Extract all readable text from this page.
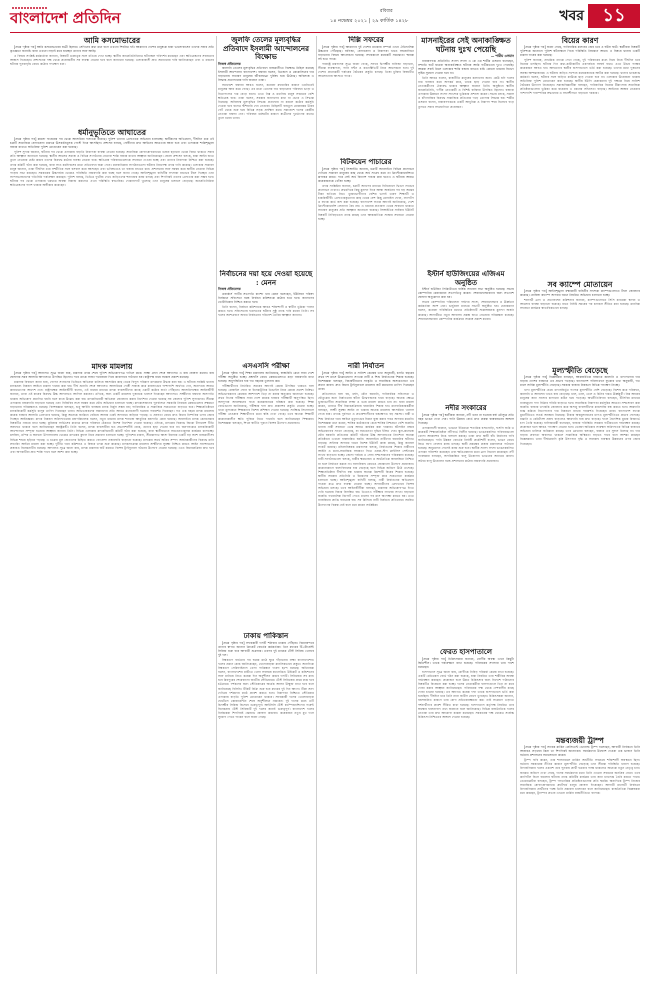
বাংলাদেশ প্রতিদিন	রবিবার
১৪ নভেম্বর ২০২১ | ২৯ কার্তিক ১৪২৮	খবর	১১
আমি কসমোভারের

[প্রথম পৃষ্ঠার পর] আমি কসমোভারের যাত্রী ছিলাম। সেদিনের কথা মনে হলে এখনো শিহরিত হই। আমাদের দেশের মানুষকে যারা ভালোবাসেন তাদের সবার প্রতি কৃতজ্ঞতা জানাই। যারা এখনো লড়াই করে যাচ্ছেন তাদের সঙ্গে আছি।

এ বিষয়ে সংশ্লিষ্ট কর্মকর্তারা জানান, বিষয়টি গুরুত্বের সঙ্গে খতিয়ে দেখা হচ্ছে। স্থানীয় জনপ্রতিনিধিরাও ঘটনাস্থল পরিদর্শন করেছেন এবং ক্ষতিগ্রস্তদের সহায়তার আশ্বাস দিয়েছেন। প্রশাসনের পক্ষ থেকে প্রয়োজনীয় সব ব্যবস্থা নেওয়া হবে বলে জানানো হয়েছে। এলাকাবাসী দ্রুত সমাধানের দাবি জানিয়েছেন এবং এ ধরনের ঘটনার পুনরাবৃত্তি রোধে কঠোর পদক্ষেপ চান।

ধর্মানুভূতিতে আঘাতের

[প্রথম পৃষ্ঠার পর] মামলা দায়েরের পর থেকে আসামিরা পলাতক রয়েছে। পুলিশ তাদের গ্রেফতারে অভিযান চালাচ্ছে। স্থানীয়দের অভিযোগ, দীর্ঘদিন ধরে এই চক্রটি সামাজিক যোগাযোগ মাধ্যমে উসকানিমূলক পোস্ট দিয়ে আসছিল। প্রশাসন বলছে, দোষীদের দ্রুত আইনের আওতায় আনা হবে এবং এলাকায় শান্তিশৃঙ্খলা বজায় রাখতে অতিরিক্ত পুলিশ মোতায়েন করা হয়েছে।

পুলিশ সুপার জানান, ঘটনার পর থেকে এলাকায় বাড়তি নিরাপত্তা ব্যবস্থা নেওয়া হয়েছে। সামাজিক যোগাযোগমাধ্যমে গুজব ছড়ানো থেকে বিরত থাকতে সবার প্রতি আহ্বান জানানো হয়েছে। স্থানীয় আলেম সমাজ ও বিভিন্ন সংগঠনের নেতারা শান্তি বজায় রাখার আহ্বান জানিয়েছেন। জেলা প্রশাসন বলছে, যারা আইন হাতে তুলে নেওয়ার চেষ্টা করবে তাদের বিরুদ্ধে কঠোর ব্যবস্থা নেওয়া হবে। ক্ষতিগ্রস্ত পরিবারগুলোকে সহায়তা দেওয়া হচ্ছে এবং তাদের নিরাপত্তা নিশ্চিত করা হয়েছে। তদন্ত কমিটি গঠন করা হয়েছে, যারা সাত কর্মদিবসের মধ্যে প্রতিবেদন জমা দেবে। মানবাধিকার সংগঠনগুলো ঘটনার নিরপেক্ষ তদন্ত দাবি করেছে। এলাকার সাধারণ মানুষ জানান, তারা দীর্ঘদিন ধরে সম্প্রীতির সঙ্গে বসবাস করে আসছেন এবং ভবিষ্যতেও তা বজায় রাখতে চান। প্রশাসনের সঙ্গে সমন্বয় করে স্থানীয় নেতারা বিভিন্ন পাড়ায় সভা করছেন। সরকারের উচ্চপর্যায় থেকেও পরিস্থিতি নজরদারি করা হচ্ছে বলে জানা গেছে। আইনশৃঙ্খলা বাহিনীর সদস্যরা রাতভর টহল দিচ্ছেন এবং সন্দেহভাজনদের গতিবিধি পর্যবেক্ষণ করছেন। পুলিশ বলছে, ভিডিও ফুটেজ দেখে জড়িতদের শনাক্তের কাজ চলছে এবং শিগগিরই তাদের গ্রেফতার করা সম্ভব হবে। ঘটনার পর থেকে এলাকায় থমথমে অবস্থা বিরাজ করলেও এখন পরিস্থিতি স্বাভাবিক। দোকানপাট খুলেছে এবং মানুষের চলাচল বেড়েছে। জনপ্রতিনিধিরা ক্ষতিগ্রস্তদের পাশে থাকার অঙ্গীকার করেছেন।

মাদক মামলায়

[প্রথম পৃষ্ঠার পর] আদালত সূত্রে জানা যায়, মামলার তদন্ত শেষে পুলিশ অভিযোগপত্র দাখিল করে। সাক্ষ্য গ্রহণ শেষে আদালত এ রায় ঘোষণা করেন। রায় ঘোষণার সময় আসামি আদালতে উপস্থিত ছিলেন। পরে তাকে সাজা পরোয়ানা দিয়ে কারাগারে পাঠানো হয়। রাষ্ট্রপক্ষ রায়ে সন্তোষ প্রকাশ করেছে।

মামলার বিবরণে জানা যায়, গোপন সংবাদের ভিত্তিতে অভিযান চালিয়ে আসামির কাছ থেকে বিপুল পরিমাণ মাদকদ্রব্য উদ্ধার করা হয়। এ ঘটনায় সংশ্লিষ্ট থানায় মাদকদ্রব্য নিয়ন্ত্রণ আইনে মামলা দায়ের করা হয়। দীর্ঘ শুনানি শেষে আদালত আসামিকে দোষী সাব্যস্ত করে কারাদণ্ডের পাশাপাশি অর্থদণ্ড দেন, অনাদায়ে আরও কারাভোগের আদেশ দেন। রাষ্ট্রপক্ষের আইনজীবী বলেন, এই রায়ের মাধ্যমে মাদক ব্যবসায়ীদের কাছে একটি কঠোর বার্তা পৌঁছাবে। আসামিপক্ষের আইনজীবী জানান, তারা এই রায়ের বিরুদ্ধে উচ্চ আদালতে আপিল করবেন। এদিকে, অন্য একটি মামলায় দুজনকে খালাস দিয়েছেন আদালত। সাক্ষীদের বক্তব্যে অসংগতি থাকায় অভিযোগ প্রমাণিত হয়নি বলে রায়ে উল্লেখ করা হয়। মাদকবিরোধী অভিযান জোরদার করার নির্দেশনা দেওয়া হয়েছে সব জেলার পুলিশ সুপারদের। সীমান্ত এলাকায় নজরদারি বাড়ানো হয়েছে এবং বিজিবির সঙ্গে সমন্বয় করে যৌথ অভিযান চালানো হচ্ছে। মাদকাসক্তদের পুনর্বাসনে সরকারি নিরাময় কেন্দ্রগুলোর সক্ষমতা বাড়ানোর পরিকল্পনাও রয়েছে। বিশেষজ্ঞরা বলছেন, শুধু আইনি ব্যবস্থায় মাদক নির্মূল সম্ভব নয়; পারিবারিক ও সামাজিক সচেতনতা বাড়াতে হবে। শিক্ষাপ্রতিষ্ঠানে মাদকবিরোধী কর্মসূচি চালুর তাগিদ দিয়েছেন তারা। অভিভাবকদের সন্তানদের প্রতি আরও মনোযোগী হওয়ার পরামর্শও দিয়েছেন। গত এক বছরে মাদক মামলায় কয়েক হাজার আসামি গ্রেফতার হয়েছে, কিন্তু অনেকে জামিনে বেরিয়ে আবার একই অপরাধে জড়িয়ে পড়ছে। এ প্রবণতা রোধে দ্রুত বিচার নিষ্পত্তির ওপর জোর দিচ্ছেন আইনজ্ঞরা। মাদক নিয়ন্ত্রণ অধিদফতরের মহাপরিচালক বলেন, নতুন ধরনের মাদক শনাক্তে আধুনিক যন্ত্রপাতি কেনা হয়েছে। অনলাইনে মাদক কেনাবেচার বিষয়টিও নজরে রাখা হচ্ছে। কুরিয়ার সার্ভিসের মাধ্যমে মাদক পরিবহন ঠেকাতে বিশেষ নির্দেশনা দেওয়া হয়েছে। এদিকে, মাদকের বিরুদ্ধে জিরো টলারেন্স নীতি অব্যাহত থাকবে বলে জানিয়েছেন স্বরাষ্ট্রমন্ত্রী। তিনি বলেন, মাদক ব্যবসায়ীরা যত প্রভাবশালীই হোক, তাদের ছাড় দেওয়া হবে না। জনগণকেও মাদকবিরোধী আন্দোলনে সম্পৃক্ত হওয়ার আহ্বান জানান তিনি। বিভিন্ন এলাকায় মাদকবিরোধী কমিটি গঠন করা হয়েছে, যারা স্থানীয়ভাবে সচেতনতামূলক কার্যক্রম চালাচ্ছে। মসজিদ, মন্দির ও অন্যান্য উপাসনালয় থেকেও মাদকের কুফল নিয়ে প্রচারণা চালানো হচ্ছে। পুলিশের ধারণা, সীমান্তপথে আসা ইয়াবার একটি বড় অংশ রাজধানীসহ বিভিন্ন শহরে ছড়িয়ে পড়ছে। এ চক্রের মূল হোতাদের চিহ্নিত করতে গোয়েন্দা নজরদারি বাড়ানো হয়েছে। মাদকের অর্থে অবৈধ সম্পদ অর্জনকারীদের বিরুদ্ধে মানি লন্ডারিং আইনে মামলা করা হচ্ছে। দুর্নীতি দমন কমিশনও এ বিষয়ে তদন্ত শুরু করেছে। মাদকসংক্রান্ত মামলার সাক্ষীদের সুরক্ষা নিশ্চিত করতে আইন সংশোধনের প্রস্তাবও বিবেচনাধীন রয়েছে। আদালত সূত্রে জানা যায়, মাদক মামলার জট কমাতে বিশেষ ট্রাইব্যুনাল গঠনের উদ্যোগ নেওয়া হয়েছে। এতে বিচারপ্রক্রিয়া দ্রুত হবে এবং অপরাধীরা দ্রুত শাস্তি পাবে বলে আশা করা হচ্ছে।

জুলফি তেলের মূল্যবৃদ্ধির প্রতিবাদে ইসলামী আন্দোলনের বিক্ষোভ
নিজস্ব প্রতিবেদক

জ্বালানি তেলের মূল্যবৃদ্ধির প্রতিবাদে রাজধানীতে বিক্ষোভ মিছিল করেছে ইসলামী আন্দোলন বাংলাদেশ। বক্তারা বলেন, ডিজেল ও কেরোসিনের দাম বাড়ানোয় সাধারণ মানুষের জীবনযাত্রা দুর্বিষহ হয়ে উঠেছে। অবিলম্বে এ সিদ্ধান্ত প্রত্যাহারের দাবি জানান তারা।

সমাবেশে বক্তারা আরও বলেন, করোনা মহামারির কারণে এমনিতেই মানুষের আয় কমে গেছে। এর মধ্যে তেলের দাম বাড়ানোয় পরিবহন ভাড়া ও নিত্যপণ্যের দাম বেড়ে যাবে। এতে নিম্ন ও মধ্যবিত্ত মানুষ সবচেয়ে বেশি ক্ষতিগ্রস্ত হবে। তারা বলেন, সরকার জনগণের কথা না ভেবে এ সিদ্ধান্ত নিয়েছে। অবিলম্বে মূল্যবৃদ্ধির সিদ্ধান্ত প্রত্যাহার না করলে কঠোর কর্মসূচি দেওয়া হবে বলেও হুঁশিয়ারি দেন নেতারা। মিছিলটি বায়তুল মোকাররম উত্তর গেট থেকে শুরু হয়ে বিভিন্ন সড়ক প্রদক্ষিণ করে। সমাবেশে দলের কেন্দ্রীয় নেতারা বক্তব্য দেন। পরিবহন ধর্মঘটের কারণে যাত্রীদের দুর্ভোগের কথাও তুলে ধরেন তারা।

নির্বাচনের দয়া হয়ে দেওয়া হয়েছে : মেনন
নিজস্ব প্রতিবেদক

ওয়ার্কার্স পার্টির সভাপতি রাশেদ খান মেনন বলেছেন, ইউনিয়ন পরিষদ নির্বাচনে সহিংসতা বন্ধে নির্বাচন কমিশনকে কঠোর হতে হবে। জনগণের ভোটাধিকার নিশ্চিত করতে হবে।

তিনি বলেন, নির্বাচন কমিশনকে আরও শক্তিশালী ও স্বাধীন ভূমিকা পালন করতে হবে। সহিংসতায় হতাহতের ঘটনার সুষ্ঠু তদন্ত দাবি করেন তিনি। সব দলের অংশগ্রহণে অবাধ নির্বাচনের পরিবেশ তৈরির আহ্বান জানান।

এসএসসি পরীক্ষা

[প্রথম পৃষ্ঠার পর] শিক্ষা মন্ত্রণালয় জানিয়েছে, স্বাস্থ্যবিধি মেনে সারা দেশে পরীক্ষা অনুষ্ঠিত হচ্ছে। প্রশ্নফাঁস রোধে কেন্দ্রগুলোতে কড়া নজরদারি রাখা হয়েছে। অনুপস্থিতির হার গত বছরের তুলনায় কম।

পরীক্ষার্থীদের নির্ধারিত সময়ের আগেই কেন্দ্রে উপস্থিত থাকতে বলা হয়েছে। মোবাইল ফোন বা ইলেকট্রনিক ডিভাইস নিয়ে কেন্দ্রে প্রবেশ নিষিদ্ধ। অভিভাবকদের কেন্দ্রের আশপাশে ভিড় না করার অনুরোধ জানানো হয়েছে। প্রথম দিনের পরীক্ষায় সারা দেশে কয়েক হাজার পরীক্ষার্থী অনুপস্থিত ছিল। অসদুপায় অবলম্বনের দায়ে কয়েকজনকে বহিষ্কার করা হয়েছে। শিক্ষা বোর্ডগুলো জানিয়েছে, পরীক্ষার ফল দ্রুত প্রকাশের প্রস্তুতি নেওয়া হচ্ছে। খাতা মূল্যায়নে শিক্ষকদের বিশেষ প্রশিক্ষণ দেওয়া হয়েছে। সংক্ষিপ্ত সিলেবাসে পরীক্ষা নেওয়ায় শিক্ষার্থীদের মধ্যে স্বস্তি দেখা গেছে। তবে অনেক শিক্ষার্থী করোনাকালীন ক্ষতি পুষিয়ে নিতে পারেনি বলে জানিয়েছেন শিক্ষকরা। বিশেষজ্ঞরা বলছেন, শিখন ঘাটতি পূরণে বিশেষ উদ্যোগ প্রয়োজন।

ঢাকায় পাকিস্তান

[প্রথম পৃষ্ঠার পর] সফরকারী দলটি শনিবার ঢাকায় পৌঁছায়। বিমানবন্দরে তাদের স্বাগত জানান ক্রিকেট বোর্ডের কর্মকর্তারা। তিন ম্যাচের টি-টোয়েন্টি সিরিজ শুরু হবে আগামী শুক্রবার। এরপর দুই ম্যাচের টেস্ট সিরিজ খেলবে দুই দল।

বিশ্বকাপে ব্যর্থতার পর ঘরের মাঠে ঘুরে দাঁড়ানোর লক্ষ্য বাংলাদেশের। দলের প্রধান কোচ জানিয়েছেন, খেলোয়াড়রা মানসিকভাবে প্রস্তুত। অন্যদিকে বিশ্বকাপে সেমিফাইনাল খেলা পাকিস্তান দারুণ ছন্দে রয়েছে। অধিনায়ক বলেন, বাংলাদেশের মাটিতে খেলা সবসময় চ্যালেঞ্জিং। উইকেট ও কন্ডিশনের সঙ্গে মানিয়ে নিতে কয়েক দিন অনুশীলন করবে দলটি। সিরিজের সব ম্যাচ হবে মিরপুরের শেরেবাংলা জাতীয় স্টেডিয়ামে। টেস্ট সিরিজের প্রথম ম্যাচ হবে চট্টগ্রামে। দর্শকদের জন্য স্টেডিয়ামের অর্ধেক আসন উন্মুক্ত রাখা হবে বলে জানিয়েছে বিসিবি। টিকিট বিক্রি শুরু হবে ম্যাচের দুই দিন আগে। টিকা সনদ দেখিয়ে দর্শকদের মাঠে প্রবেশ করতে হবে। নিরাপত্তা নিশ্চিতে স্টেডিয়াম এলাকায় বাড়তি পুলিশ মোতায়েন থাকবে। সফরকারী দলের খেলোয়াড়রা হোটেলে কোয়ারেন্টিন শেষে অনুশীলনে নামবেন। দুই দলের মধ্যে এটি দ্বিপক্ষীয় সিরিজ হিসেবে গুরুত্বপূর্ণ। আইসিসি টেস্ট চ্যাম্পিয়নশিপের পয়েন্ট বিবেচনায় টেস্ট সিরিজটি দুই দলের জন্যই গুরুত্বপূর্ণ। বাংলাদেশ দলের নির্বাচকরা শিগগিরই স্কোয়াড ঘোষণা করবেন। কয়েকজন নতুন মুখ দলে সুযোগ পেতে পারেন বলে জানা গেছে।

দিল্লি সফরের

[প্রথম পৃষ্ঠার পর] আমাদের দুই দেশের মধ্যকার সম্পর্ক এখন ঐতিহাসিক উচ্চতায় পৌঁছেছে। বাণিজ্য, যোগাযোগ ও নিরাপত্তা খাতে সহযোগিতা বাড়ানোর বিষয়ে আলোচনা হয়েছে। সফরকালে কয়েকটি সমঝোতা স্মারক সই হতে পারে।

পররাষ্ট্র মন্ত্রণালয় সূত্রে জানা গেছে, সফরে দ্বিপক্ষীয় বাণিজ্য বাড়ানো, সীমান্ত ব্যবস্থাপনা, পানি বণ্টন ও কানেক্টিভিটি নিয়ে আলোচনা হবে। দুই দেশের প্রধানমন্ত্রী পর্যায়ের বৈঠকের প্রস্তুতি চলছে। তিস্তা চুক্তির বিষয়টিও আলোচনায় আসতে পারে।

বিটকয়েন পাচারের

[প্রথম পৃষ্ঠার পর] সিআইডি জানায়, চক্রটি অনলাইনে বিভিন্ন প্রলোভন দেখিয়ে সাধারণ মানুষের কাছ থেকে অর্থ সংগ্রহ করে তা ক্রিপ্টোকারেন্সিতে রূপান্তর করত। পরে সেই অর্থ বিদেশে পাচার করা হতো। এ ঘটনায় আরও কয়েকজনকে খোঁজা হচ্ছে।

তদন্ত সংশ্লিষ্টরা জানান, চক্রটি অ্যাপের মাধ্যমে বিনিয়োগে দ্বিগুণ লাভের প্রলোভন দেখাত। প্রথমদিকে কিছু মুনাফা দিয়ে আস্থা অর্জনের পর বড় অঙ্কের টাকা হাতিয়ে নিত। ভুক্তভোগীদের বেশির ভাগই তরুণ শিক্ষার্থী ও চাকরিজীবী। গ্রেফতারকৃতদের কাছ থেকে বেশ কিছু মোবাইল ফোন, ল্যাপটপ ও ব্যাংক কার্ড জব্দ করা হয়েছে। বাংলাদেশ ব্যাংক আগেই জানিয়েছে, দেশে ক্রিপ্টোকারেন্সি লেনদেন বৈধ নয়। এ ধরনের প্রতারণা থেকে সাবধান থাকতে সাধারণ মানুষের প্রতি আহ্বান জানানো হয়েছে। সিআইডির সাইবার ইউনিট বিষয়টি নিবিড়ভাবে তদন্ত করছে এবং আন্তর্জাতিক সংস্থার সহায়তা নেওয়া হচ্ছে।

নারী নির্যাতন

[প্রথম পৃষ্ঠার পর] আইন ও সালিশ কেন্দ্রের তথ্য অনুযায়ী, চলতি বছরের প্রথম দশ মাসে উল্লেখযোগ্য সংখ্যক নারী ও শিশু নির্যাতনের শিকার হয়েছে। বিশেষজ্ঞরা বলছেন, বিচারহীনতার সংস্কৃতি ও সামাজিক অসচেতনতা এর প্রধান কারণ। দ্রুত বিচার ট্রাইব্যুনালে মামলার জট কমানোর তাগিদ দিয়েছেন তারা।

প্রতিবেদনে বলা হয়, ধর্ষণ, যৌন হয়রানি, পারিবারিক সহিংসতা ও যৌতুকের জন্য নির্যাতনের ঘটনা উদ্বেগজনক হারে বাড়ছে। অনেক ক্ষেত্রে ভুক্তভোগীরা সামাজিক লজ্জা ও ভয়ে মামলা করতে চান না। যারা মামলা করেন, তারাও দীর্ঘ বিচারপ্রক্রিয়ায় হয়রানির শিকার হন। মানবাধিকারকর্মীরা বলছেন, সাক্ষী সুরক্ষা আইন না থাকায় অনেক মামলায় আসামিরা খালাস পেয়ে যায়। তদন্তে দুর্বলতা ও প্রভাবশালীদের হস্তক্ষেপও বড় সমস্যা। নারী ও শিশু নির্যাতন দমন আইনে মৃত্যুদণ্ডের বিধান যুক্ত করার পরও অপরাধ কমেনি। বিশেষজ্ঞরা মনে করেন, শাস্তির কঠোরতার চেয়ে শাস্তির নিশ্চয়তা বেশি জরুরি। থানায় নারী সহায়তা ডেস্ক আরও কার্যকর করা দরকার। হটলাইন নম্বরে অভিযোগের সংখ্যা বেড়েছে, যা সচেতনতা বৃদ্ধির ইঙ্গিত দেয়। স্কুল-কলেজে যৌন হয়রানি প্রতিরোধ কমিটি গঠনের উচ্চ আদালতের নির্দেশনা অনেক প্রতিষ্ঠানে এখনো বাস্তবায়িত হয়নি। অনলাইনে নারীদের হয়রানির ঘটনাও বাড়ছে। সাইবার অপরাধ দমনে বিশেষ ইউনিট কাজ করছে, কিন্তু জনবল সংকট রয়েছে। মহিলাবিষয়ক মন্ত্রণালয় বলছে, নির্যাতনের শিকার নারীদের আইনি ও মনো-সামাজিক সহায়তা দিতে ওয়ান-স্টপ ক্রাইসিস সেন্টারের সংখ্যা বাড়ানো হচ্ছে। জেলা পর্যায়ে এ সেবা সম্প্রসারণের পরিকল্পনা রয়েছে। নারী সংগঠনগুলো বলছে, নারীর ক্ষমতায়ন ও অর্থনৈতিক স্বাবলম্বিতা নিশ্চিত না হলে নির্যাতন কমবে না। বাল্যবিবাহ রোধেও জোরালো উদ্যোগ প্রয়োজন। করোনাকালে বাল্যবিবাহের হার বেড়েছে বলে বিভিন্ন জরিপে উঠে এসেছে। শিক্ষাপ্রতিষ্ঠান দীর্ঘদিন বন্ধ থাকায় অনেক কিশোরী বিয়ের শিকার হয়েছে। স্থানীয় সরকার প্রতিনিধি ও ইমামদের সম্পৃক্ত করে সচেতনতা কার্যক্রম চালানো হচ্ছে। আইনশৃঙ্খলা বাহিনী বলছে, নারী নির্যাতনের অভিযোগ পাওয়া মাত্র দ্রুত ব্যবস্থা নেওয়া হচ্ছে। অপরাধীদের গ্রেফতারে বিশেষ অভিযান চলছে। তবে আইনজীবীরা বলছেন, মামলার অভিযোগপত্র দিতে দেরি হওয়ায় বিচার বিলম্বিত হয়। ডিএনএ পরীক্ষার ল্যাবের সংখ্যা বাড়ানো জরুরি। ফরেনসিক রিপোর্ট পেতে মাসের পর মাস অপেক্ষা করতে হয়। এতে ন্যায়বিচার প্রাপ্তি বাধাগ্রস্ত হয়। সব মিলিয়ে নারী নির্যাতন প্রতিরোধে সমন্বিত উদ্যোগের বিকল্প নেই বলে মনে করেন সংশ্লিষ্টরা।

মাসনাইরের সেই অনাকাঙ্ক্ষিত ঘটনায় দুঃখ পেয়েছি
— শামীম ওসমান

নারায়ণগঞ্জ প্রতিনিধি: সংসদ সদস্য এ কে এম শামীম ওসমান বলেছেন, সম্প্রতি ঘটে যাওয়া অনাকাঙ্ক্ষিত ঘটনায় আমি গভীরভাবে দুঃখ পেয়েছি। আমরা সবাই মিলে এলাকার শান্তি বজায় রাখতে চাই। কোনো ধরনের বিভেদ সৃষ্টির সুযোগ দেওয়া হবে না।

তিনি আরও বলেন, রাজনীতি মানুষের কল্যাণের জন্য। কেউ যদি দলের নাম ব্যবহার করে অপকর্ম করে, তাকে ছাড় দেওয়া হবে না। স্থানীয় নেতাকর্মীদের ঐক্যবদ্ধ থাকার আহ্বান জানান তিনি। অনুষ্ঠানে স্থানীয় জনপ্রতিনিধি, দলীয় নেতাকর্মী ও বিশিষ্ট ব্যক্তিরা উপস্থিত ছিলেন। বক্তারা এলাকার উন্নয়নে সংসদ সদস্যের ভূমিকার প্রশংসা করেন। সভায় মাদক, সন্ত্রাস ও চাঁদাবাজির বিরুদ্ধে সামাজিক প্রতিরোধ গড়ে তোলার সিদ্ধান্ত হয়। শামীম ওসমান বলেন, নারায়ণগঞ্জকে একটি আধুনিক ও নিরাপদ শহর হিসেবে গড়ে তুলতে সবার সহযোগিতা প্রয়োজন।

ইস্টার্ন হাউজিংয়ের এজিএম অনুষ্ঠিত

ইস্টার্ন হাউজিং লিমিটেডের বার্ষিক সাধারণ সভা অনুষ্ঠিত হয়েছে। সভায় কোম্পানির চেয়ারম্যান সভাপতিত্ব করেন। শেয়ারহোল্ডারদের জন্য লভ্যাংশ ঘোষণা অনুমোদন করা হয়।

সভায় কোম্পানির পরিচালনা পর্ষদের সদস্য, শেয়ারহোল্ডার ও ঊর্ধ্বতন কর্মকর্তারা অংশ নেন। ভার্চুয়াল মাধ্যমে সভাটি অনুষ্ঠিত হয়। চেয়ারম্যান বলেন, করোনা পরিস্থিতির মধ্যেও প্রতিষ্ঠানটি সন্তোষজনক মুনাফা অর্জন করেছে। আগামীতে নতুন আবাসন প্রকল্প হাতে নেওয়ার পরিকল্পনা রয়েছে। শেয়ারহোল্ডাররা কোম্পানির কার্যক্রমে সন্তোষ প্রকাশ করেন।

নদীর সংকারের

[প্রথম পৃষ্ঠার পর] স্থানীয়রা জানান, নদী খনন না হওয়ায় বর্ষা মৌসুমে প্রতি বছর ভাঙন দেখা দেয়। পানি উন্নয়ন বোর্ড দ্রুত প্রকল্প বাস্তবায়নের আশ্বাস দিয়েছে।

এলাকাবাসী জানান, ভাঙনে ইতিমধ্যে শতাধিক বসতবাড়ি, ফসলি জমি ও কয়েকটি শিক্ষাপ্রতিষ্ঠান নদীগর্ভে বিলীন হয়েছে। ভাঙনকবলিত পরিবারগুলো খোলা আকাশের নিচে বসবাস করছে। তারা দ্রুত স্থায়ী বাঁধ নির্মাণের দাবি জানিয়েছেন। পানি উন্নয়ন বোর্ডের নির্বাহী প্রকৌশলী বলেন, ভাঙন রোধে জিও ব্যাগ ফেলার কাজ চলছে। স্থায়ী প্রকল্পের প্রস্তাব মন্ত্রণালয়ে পাঠানো হয়েছে। অনুমোদন পেলেই কাজ শুরু হবে। স্থানীয় সংসদ সদস্য ভাঙনকবলিত এলাকা পরিদর্শন করেছেন এবং ক্ষতিগ্রস্তদের মধ্যে ত্রাণ বিতরণ করেছেন। নদী গবেষকরা বলছেন, অপরিকল্পিত বালু উত্তোলন ভাঙনের অন্যতম কারণ। অবৈধ বালু উত্তোলন বন্ধে প্রশাসনের কঠোর নজরদারি প্রয়োজন।

ফেরত হাসপাতালে

[প্রথম পৃষ্ঠার পর] চিকিৎসকরা জানান, রোগীর অবস্থা এখন কিছুটা স্থিতিশীল। তাকে পর্যবেক্ষণে রাখা হয়েছে। পরিবারের সদস্যরা তার পাশে রয়েছেন।

হাসপাতাল সূত্রে জানা যায়, রোগীকে নিবিড় পরিচর্যা কেন্দ্রে রাখা হয়েছে। একটি মেডিকেল বোর্ড গঠন করা হয়েছে, যারা নিয়মিত তার শারীরিক অবস্থা পর্যবেক্ষণ করছেন। প্রয়োজন হলে উন্নত চিকিৎসার জন্য বিদেশে পাঠানোর বিষয়টিও বিবেচনা করা হচ্ছে। দলের নেতাকর্মীরা হাসপাতালে ভিড় না করে দোয়া করার আহ্বান জানিয়েছেন। পরিবারের পক্ষ থেকে দেশবাসীর কাছে দোয়া চাওয়া হয়েছে। এর আগেও কয়েক দফা তাকে হাসপাতালে ভর্তি করা হয়েছিল। দীর্ঘদিন ধরে তিনি নানা জটিল রোগে ভুগছেন। চিকিৎসকরা জানান, বয়সজনিত কারণে তার রোগ প্রতিরোধক্ষমতা কম। তাই সংক্রমণ এড়াতে দর্শনার্থীদের প্রবেশ সীমিত রাখা হয়েছে। হাসপাতাল কর্তৃপক্ষ নিয়মিত তার স্বাস্থ্যের হালনাগাদ তথ্য জানাবে বলে জানিয়েছে। বিভিন্ন রাজনৈতিক দলের নেতারা তার দ্রুত আরোগ্য কামনা করেছেন। সরকারের পক্ষ থেকেও সর্বোচ্চ চিকিৎসা নিশ্চিতের আশ্বাস দেওয়া হয়েছে।

বিয়ের কারণ

[প্রথম পৃষ্ঠার পর] জানা গেছে, পারিবারিক কলহের জের ধরে এ ঘটনা ঘটে। স্থানীয়রা বিষয়টি পুলিশকে জানালে পুলিশ ঘটনাস্থলে গিয়ে পরিস্থিতি নিয়ন্ত্রণে আনে। এ বিষয়ে থানায় একটি মামলা দায়ের করা হয়েছে।

পুলিশ জানায়, প্রাথমিক তদন্তে দেখা গেছে, দুই পরিবারের মধ্যে বিয়ে নিয়ে দীর্ঘদিন ধরে বিরোধ চলছিল। ঘটনার দিন কথা-কাটাকাটির একপর্যায়ে সংঘর্ষ বাধে। এতে উভয় পক্ষের কয়েকজন আহত হন। আহতদের স্থানীয় হাসপাতালে ভর্তি করা হয়েছে। তাদের মধ্যে দুজনের অবস্থা আশঙ্কাজনক। এ ঘটনায় জড়িত সন্দেহে কয়েকজনকে আটক করা হয়েছে। থানার ভারপ্রাপ্ত কর্মকর্তা বলেন, ঘটনার সঙ্গে জড়িত কাউকে ছাড় দেওয়া হবে না। এলাকায় উত্তেজনা থাকায় অতিরিক্ত পুলিশ মোতায়েন করা হয়েছে। স্থানীয় ইউপি চেয়ারম্যান দুই পক্ষকে নিয়ে সালিশ বৈঠকের উদ্যোগ নিয়েছেন। সমাজবিজ্ঞানীরা বলছেন, পারিবারিক বিরোধ মীমাংসায় সামাজিক প্রতিষ্ঠানগুলোর ভূমিকা কমে যাওয়ায় এ ধরনের সহিংসতা বাড়ছে। আইনের আশ্রয় নেওয়ার পাশাপাশি পারস্পরিক শ্রদ্ধাবোধ ও সহনশীলতা বাড়ানো দরকার।

সব ক্যাম্পে মোতায়েন

[প্রথম পৃষ্ঠার পর] আইনশৃঙ্খলা রক্ষাকারী বাহিনীর সদস্যরা ক্যাম্পগুলোতে টহল জোরদার করেছে। রোহিঙ্গা ক্যাম্পে অপরাধ দমনে নিয়মিত অভিযান চালানো হচ্ছে।

শরণার্থী ত্রাণ ও প্রত্যাবাসন কমিশনার জানান, ক্যাম্পগুলোতে সিসি ক্যামেরা স্থাপন ও আলোর ব্যবস্থা বাড়ানো হয়েছে। রাতে নির্দিষ্ট সময়ের পর চলাচল সীমিত করা হয়েছে। মানবিক সহায়তা কার্যক্রম স্বাভাবিকভাবে চলছে।

মূল্যস্ফীতি বেড়েছে

[প্রথম পৃষ্ঠার পর] বিশ্লেষকরা বলছেন, আন্তর্জাতিক বাজারে জ্বালানি ও খাদ্যপণ্যের দাম বাড়ায় দেশের বাজারে এর প্রভাব পড়েছে। বাংলাদেশ পরিসংখ্যান ব্যুরোর তথ্য অনুযায়ী, গত মাসে সার্বিক মূল্যস্ফীতি বেড়েছে। সরকার বাজার নিয়ন্ত্রণে বিভিন্ন পদক্ষেপ নিচ্ছে।

খাদ্য মূল্যস্ফীতির চেয়ে খাদ্যবহির্ভূত পণ্যের মূল্যস্ফীতি বেশি বেড়েছে। বিশেষ করে পরিবহন, জ্বালানি ও আবাসন খাতে ব্যয় বেড়েছে। চাল, ডাল, তেল ও চিনির দামও ঊর্ধ্বমুখী। নিম্ন আয়ের মানুষের জন্য সংসার চালানো কঠিন হয়ে পড়েছে। অর্থনীতিবিদরা বলছেন, টিসিবির মাধ্যমে ন্যায্যমূল্যে পণ্য বিক্রির পরিধি বাড়াতে হবে। সামাজিক নিরাপত্তা কর্মসূচির আওতা সম্প্রসারণ করা জরুরি। বাজার তদারকি জোরদার করে অসাধু ব্যবসায়ীদের কারসাজি বন্ধ করতে হবে। আমদানি শুল্ক কমিয়ে নিত্যপণ্যের দাম নিয়ন্ত্রণে রাখার পরামর্শও দিয়েছেন তারা। বাংলাদেশ ব্যাংক মুদ্রানীতিতে সতর্ক অবস্থান নিয়েছে। টাকার অবমূল্যায়নের চাপও মূল্যস্ফীতিতে প্রভাব ফেলছে। রপ্তানি ও রেমিট্যান্স প্রবাহ বাড়লেও আমদানি ব্যয় দ্রুত বাড়ছে। ফলে বৈদেশিক মুদ্রার রিজার্ভে চাপ তৈরি হয়েছে। বাণিজ্যমন্ত্রী বলেছেন, বাজার পরিস্থিতি সরকার গভীরভাবে পর্যবেক্ষণ করছে। প্রয়োজন হলে আরও পদক্ষেপ নেওয়া হবে। ভোক্তা অধিকার সংরক্ষণ অধিদফতর বিভিন্ন বাজারে অভিযান চালিয়ে জরিমানা করছে। তবে ক্রেতারা বলছেন, বাস্তবে এর সুফল মিলছে না। দাম বাড়ার প্রবণতা অব্যাহত থাকলে সামাজিক অস্থিরতা বাড়তে পারে বলে আশঙ্কা করছেন বিশ্লেষকরা। তারা দীর্ঘমেয়াদি কৃষি উৎপাদন বৃদ্ধি ও সরবরাহ ব্যবস্থার উন্নয়নের ওপর জোর দিয়েছেন।

মন্তব্যজয়ী ট্রাম্প

[প্রথম পৃষ্ঠার পর] সাবেক মার্কিন প্রেসিডেন্ট ডোনাল্ড ট্রাম্প বলেছেন, আগামী নির্বাচনে তিনি আবারও লড়বেন কিনা তা শিগগিরই জানাবেন। সমর্থকদের উদ্দেশে দেওয়া এক ভাষণে তিনি বর্তমান প্রশাসনের সমালোচনা করেন।

ট্রাম্প দাবি করেন, তার শাসনামলে মার্কিন অর্থনীতি সবচেয়ে শক্তিশালী অবস্থানে ছিল। বর্তমান সরকারের নীতির কারণে মূল্যস্ফীতি বেড়েছে এবং সীমান্ত পরিস্থিতি খারাপ হয়েছে। রিপাবলিকান দলের একাংশ তার পুনরায় প্রার্থী হওয়ার পক্ষে থাকলেও অনেকে নতুন নেতৃত্ব চান। জনমত জরিপে দেখা গেছে, দলের সমর্থকদের মধ্যে তিনি এখনো সবচেয়ে জনপ্রিয় নেতা। তবে ক্যাপিটল হিলে হামলার ঘটনায় তদন্ত কমিটির কার্যক্রম তার জন্য চ্যালেঞ্জ তৈরি করতে পারে। ডেমোক্রেটরা বলছেন, ট্রাম্প গণতান্ত্রিক প্রতিষ্ঠানগুলোর প্রতি হুমকি। অন্যদিকে ট্রাম্প নিজের সামাজিক যোগাযোগমাধ্যম প্ল্যাটফর্ম চালুর ঘোষণা দিয়েছেন। আগামী মধ্যবর্তী নির্বাচনে রিপাবলিকান প্রার্থীদের পক্ষে তিনি প্রচারণা চালাবেন বলে জানিয়েছেন। রাজনৈতিক বিশ্লেষকরা মনে করছেন, ট্রাম্পের প্রভাব এখনো মার্কিন রাজনীতিতে ব্যাপক।
